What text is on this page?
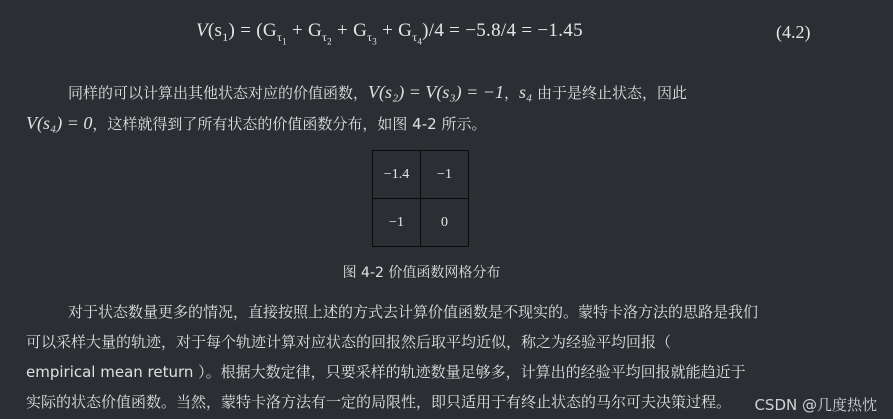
$V(s_1) = (G_{\tau_1} + G_{\tau_2} + G_{\tau_3} + G_{\tau_4})/4 = -5.8/4 = -1.45$	(4.2)
同样的可以计算出其他状态对应的价值函数，V(s₂) = V(s₃) = −1，s₄ 由于是终止状态，因此
V(s₄) = 0，这样就得到了所有状态的价值函数分布，如图 4-2 所示。
−1.4	−1
−1	0
图 4-2 价值函数网格分布
对于状态数量更多的情况，直接按照上述的方式去计算价值函数是不现实的。蒙特卡洛方法的思路是我们
可以采样大量的轨迹，对于每个轨迹计算对应状态的回报然后取平均近似，称之为经验平均回报（
empirical mean return ）。根据大数定律，只要采样的轨迹数量足够多，计算出的经验平均回报就能趋近于
实际的状态价值函数。当然，蒙特卡洛方法有一定的局限性，即只适用于有终止状态的马尔可夫决策过程。	CSDN @几度热忱
